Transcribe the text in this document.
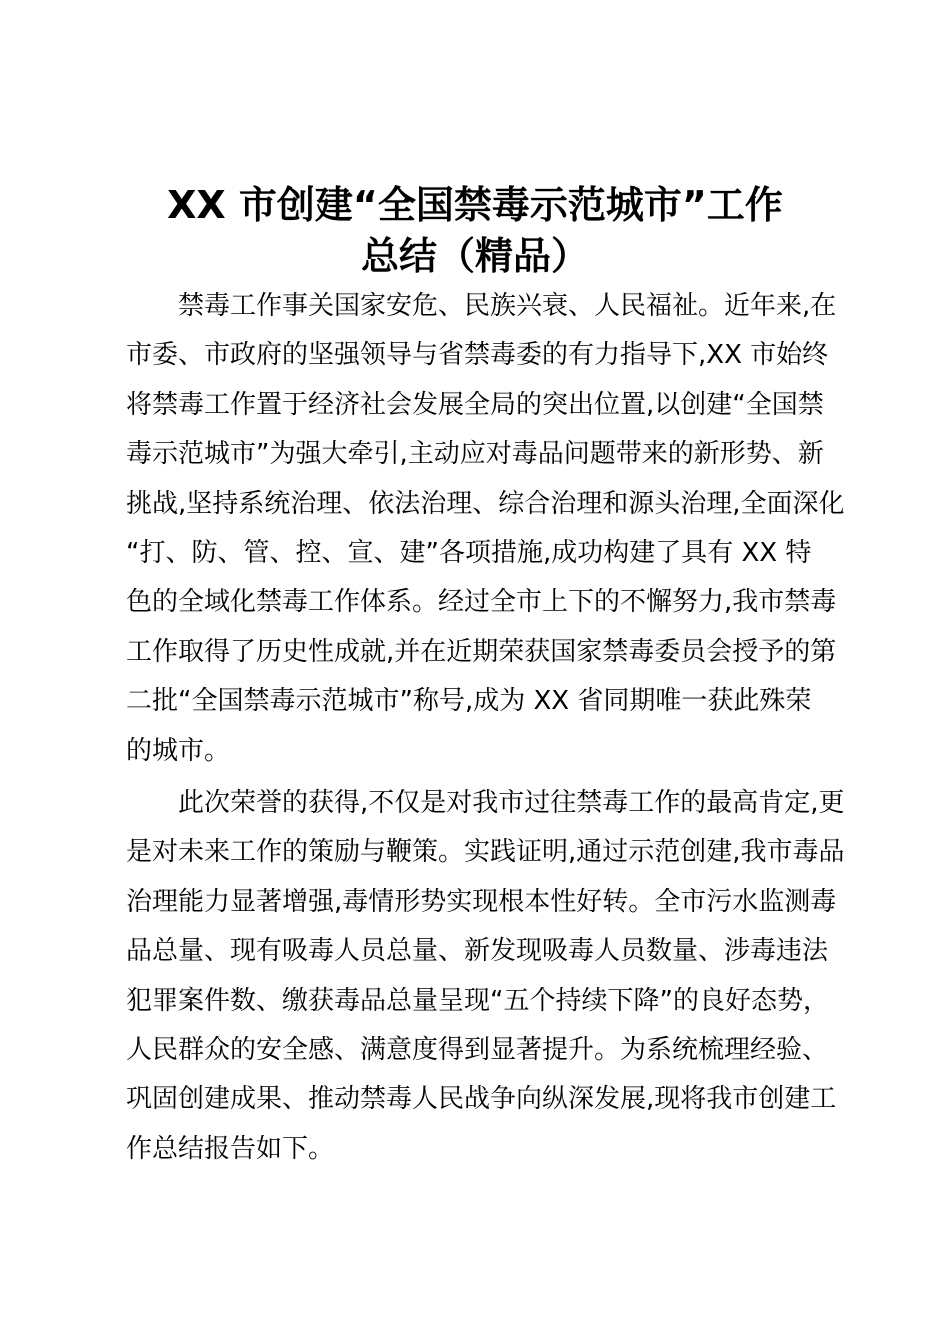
XX 市创建“全国禁毒示范城市”工作
总结（精品）

禁毒工作事关国家安危、民族兴衰、人民福祉。近年来,在
市委、市政府的坚强领导与省禁毒委的有力指导下,XX 市始终
将禁毒工作置于经济社会发展全局的突出位置,以创建“全国禁
毒示范城市”为强大牵引,主动应对毒品问题带来的新形势、新
挑战,坚持系统治理、依法治理、综合治理和源头治理,全面深化
“打、防、管、控、宣、建”各项措施,成功构建了具有 XX 特
色的全域化禁毒工作体系。经过全市上下的不懈努力,我市禁毒
工作取得了历史性成就,并在近期荣获国家禁毒委员会授予的第
二批“全国禁毒示范城市”称号,成为 XX 省同期唯一获此殊荣
的城市。

此次荣誉的获得,不仅是对我市过往禁毒工作的最高肯定,更
是对未来工作的策励与鞭策。实践证明,通过示范创建,我市毒品
治理能力显著增强,毒情形势实现根本性好转。全市污水监测毒
品总量、现有吸毒人员总量、新发现吸毒人员数量、涉毒违法
犯罪案件数、缴获毒品总量呈现“五个持续下降”的良好态势，
人民群众的安全感、满意度得到显著提升。为系统梳理经验、
巩固创建成果、推动禁毒人民战争向纵深发展,现将我市创建工
作总结报告如下。
